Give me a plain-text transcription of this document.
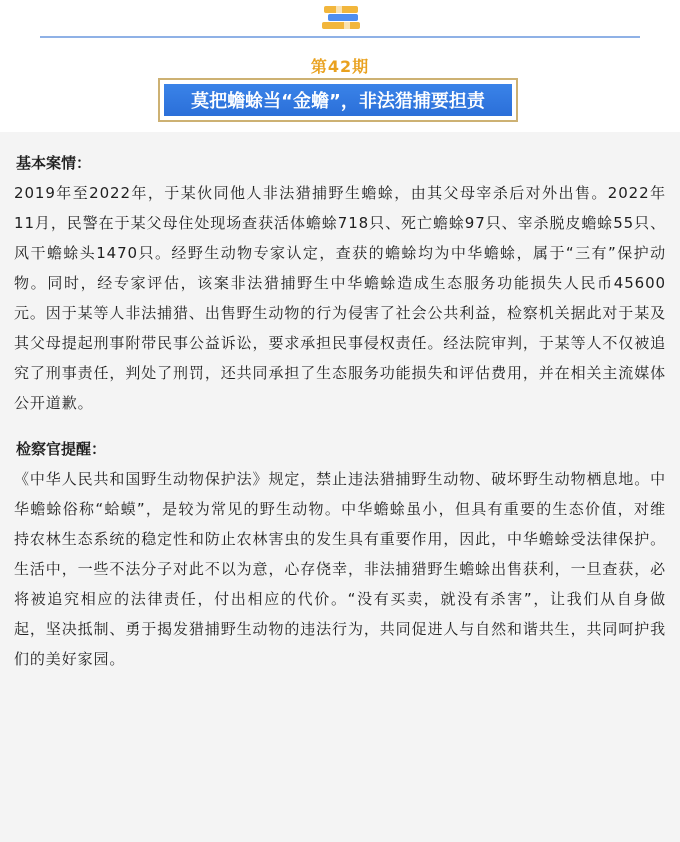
第42期
莫把蟾蜍当“金蟾”，非法猎捕要担责
基本案情：

2019年至2022年，于某伙同他人非法猎捕野生蟾蜍，由其父母宰杀后对外出售。2022年11月，民警在于某父母住处现场查获活体蟾蜍718只、死亡蟾蜍97只、宰杀脱皮蟾蜍55只、风干蟾蜍头1470只。经野生动物专家认定，查获的蟾蜍均为中华蟾蜍，属于“三有”保护动物。同时，经专家评估，该案非法猎捕野生中华蟾蜍造成生态服务功能损失人民币45600元。因于某等人非法捕猎、出售野生动物的行为侵害了社会公共利益，检察机关据此对于某及其父母提起刑事附带民事公益诉讼，要求承担民事侵权责任。经法院审判，于某等人不仅被追究了刑事责任，判处了刑罚，还共同承担了生态服务功能损失和评估费用，并在相关主流媒体公开道歉。

检察官提醒：

《中华人民共和国野生动物保护法》规定，禁止违法猎捕野生动物、破坏野生动物栖息地。中华蟾蜍俗称“蛤蟆”，是较为常见的野生动物。中华蟾蜍虽小，但具有重要的生态价值，对维持农林生态系统的稳定性和防止农林害虫的发生具有重要作用，因此，中华蟾蜍受法律保护。生活中，一些不法分子对此不以为意，心存侥幸，非法捕猎野生蟾蜍出售获利，一旦查获，必将被追究相应的法律责任，付出相应的代价。“没有买卖，就没有杀害”，让我们从自身做起，坚决抵制、勇于揭发猎捕野生动物的违法行为，共同促进人与自然和谐共生，共同呵护我们的美好家园。
